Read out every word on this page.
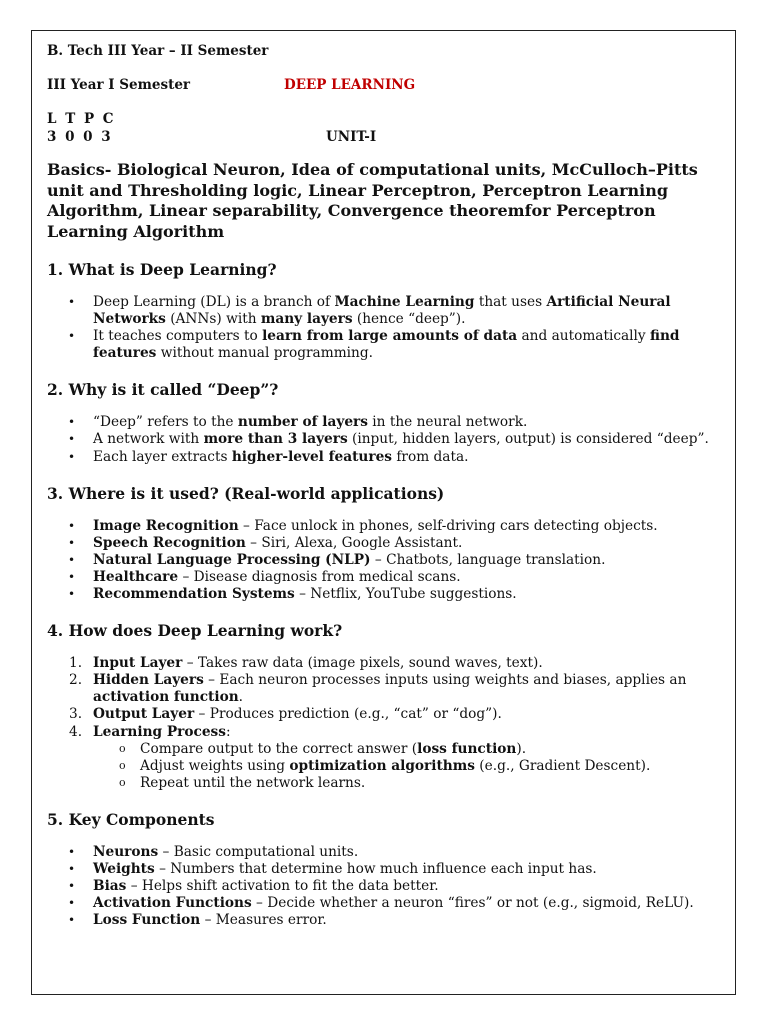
B. Tech III Year – II Semester

III Year I Semester	DEEP LEARNING

L T P C

3 0 0 3	UNIT-I

Basics- Biological Neuron, Idea of computational units, McCulloch–Pitts unit and Thresholding logic, Linear Perceptron, Perceptron Learning Algorithm, Linear separability, Convergence theoremfor Perceptron Learning Algorithm

1. What is Deep Learning?
• Deep Learning (DL) is a branch of Machine Learning that uses Artificial Neural Networks (ANNs) with many layers (hence “deep”).
• It teaches computers to learn from large amounts of data and automatically find features without manual programming.
2. Why is it called “Deep”?
• “Deep” refers to the number of layers in the neural network.
• A network with more than 3 layers (input, hidden layers, output) is considered “deep”.
• Each layer extracts higher-level features from data.
3. Where is it used? (Real-world applications)
• Image Recognition – Face unlock in phones, self-driving cars detecting objects.
• Speech Recognition – Siri, Alexa, Google Assistant.
• Natural Language Processing (NLP) – Chatbots, language translation.
• Healthcare – Disease diagnosis from medical scans.
• Recommendation Systems – Netflix, YouTube suggestions.
4. How does Deep Learning work?
1. Input Layer – Takes raw data (image pixels, sound waves, text).
2. Hidden Layers – Each neuron processes inputs using weights and biases, applies an activation function.
3. Output Layer – Produces prediction (e.g., “cat” or “dog”).
4. Learning Process:
o Compare output to the correct answer (loss function).
o Adjust weights using optimization algorithms (e.g., Gradient Descent).
o Repeat until the network learns.
5. Key Components
• Neurons – Basic computational units.
• Weights – Numbers that determine how much influence each input has.
• Bias – Helps shift activation to fit the data better.
• Activation Functions – Decide whether a neuron “fires” or not (e.g., sigmoid, ReLU).
• Loss Function – Measures error.
